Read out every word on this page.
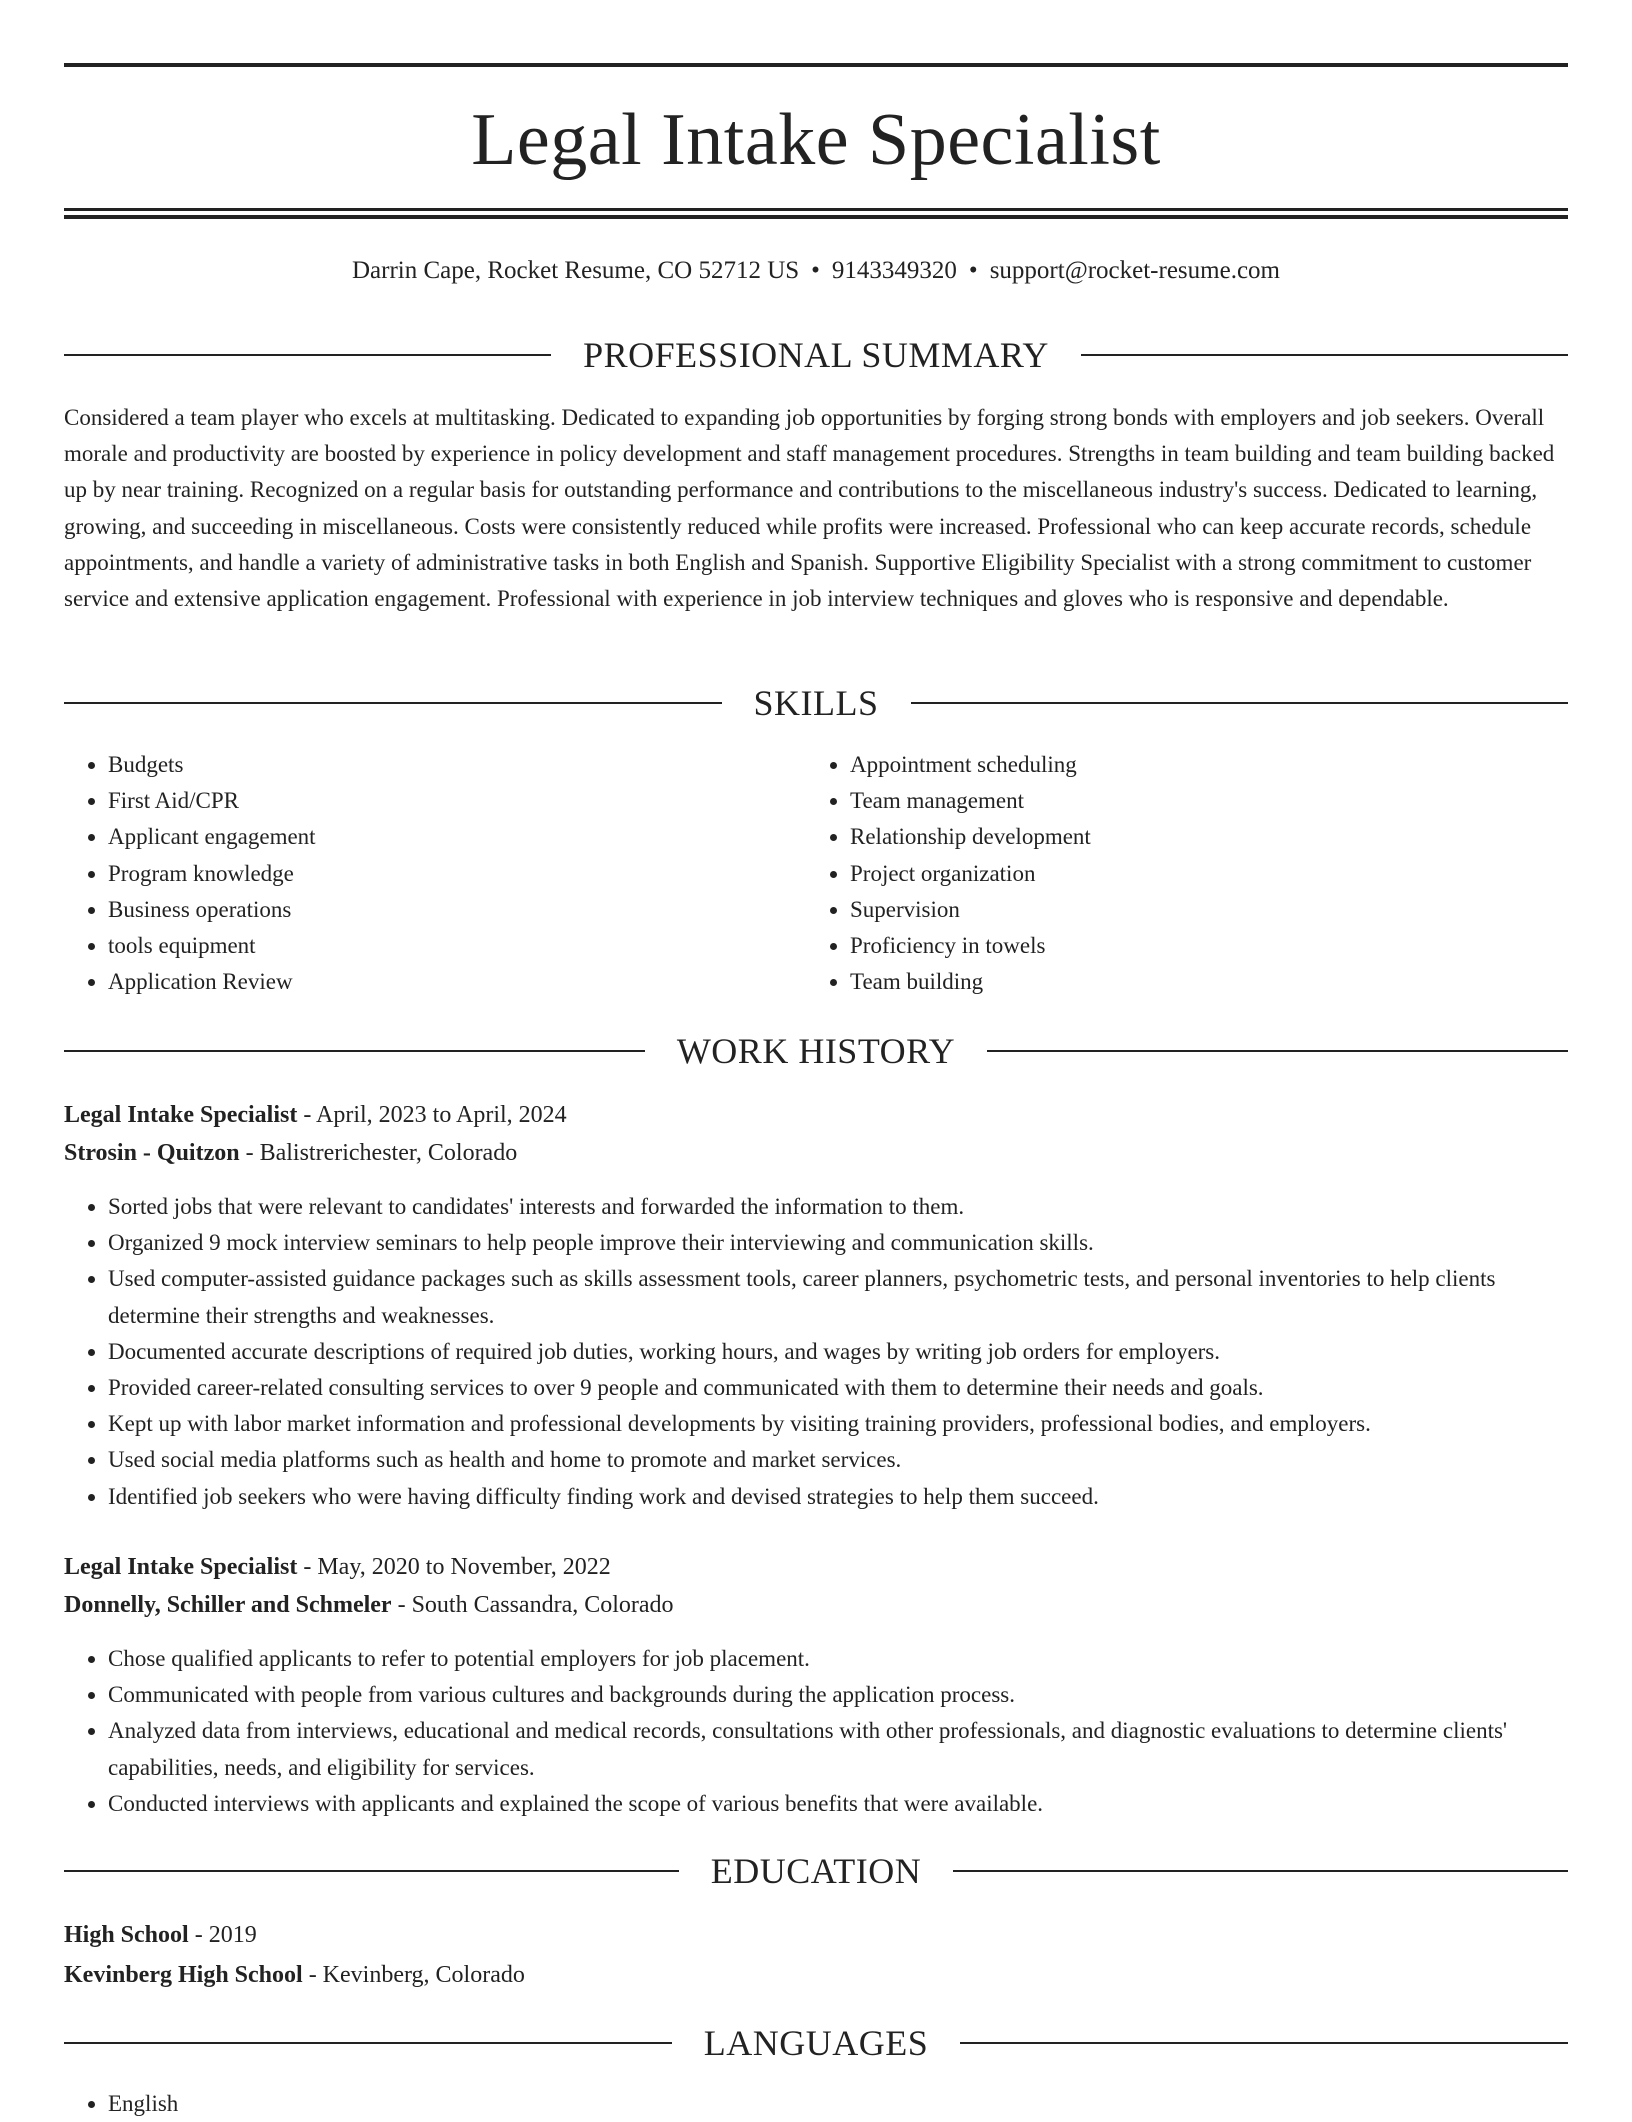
Legal Intake Specialist
Darrin Cape, Rocket Resume, CO 52712 US • 9143349320 • support@rocket-resume.com
PROFESSIONAL SUMMARY

Considered a team player who excels at multitasking. Dedicated to expanding job opportunities by forging strong bonds with employers and job seekers. Overall morale and productivity are boosted by experience in policy development and staff management procedures. Strengths in team building and team building backed up by near training. Recognized on a regular basis for outstanding performance and contributions to the miscellaneous industry's success. Dedicated to learning, growing, and succeeding in miscellaneous. Costs were consistently reduced while profits were increased. Professional who can keep accurate records, schedule appointments, and handle a variety of administrative tasks in both English and Spanish. Supportive Eligibility Specialist with a strong commitment to customer service and extensive application engagement. Professional with experience in job interview techniques and gloves who is responsive and dependable.

SKILLS
• Budgets
• First Aid/CPR
• Applicant engagement
• Program knowledge
• Business operations
• tools equipment
• Application Review
• Appointment scheduling
• Team management
• Relationship development
• Project organization
• Supervision
• Proficiency in towels
• Team building
WORK HISTORY
Legal Intake Specialist - April, 2023 to April, 2024
Strosin - Quitzon - Balistrerichester, Colorado
• Sorted jobs that were relevant to candidates' interests and forwarded the information to them.
• Organized 9 mock interview seminars to help people improve their interviewing and communication skills.
• Used computer-assisted guidance packages such as skills assessment tools, career planners, psychometric tests, and personal inventories to help clients determine their strengths and weaknesses.
• Documented accurate descriptions of required job duties, working hours, and wages by writing job orders for employers.
• Provided career-related consulting services to over 9 people and communicated with them to determine their needs and goals.
• Kept up with labor market information and professional developments by visiting training providers, professional bodies, and employers.
• Used social media platforms such as health and home to promote and market services.
• Identified job seekers who were having difficulty finding work and devised strategies to help them succeed.
Legal Intake Specialist - May, 2020 to November, 2022
Donnelly, Schiller and Schmeler - South Cassandra, Colorado
• Chose qualified applicants to refer to potential employers for job placement.
• Communicated with people from various cultures and backgrounds during the application process.
• Analyzed data from interviews, educational and medical records, consultations with other professionals, and diagnostic evaluations to determine clients' capabilities, needs, and eligibility for services.
• Conducted interviews with applicants and explained the scope of various benefits that were available.
EDUCATION
High School - 2019
Kevinberg High School - Kevinberg, Colorado
LANGUAGES
• English
